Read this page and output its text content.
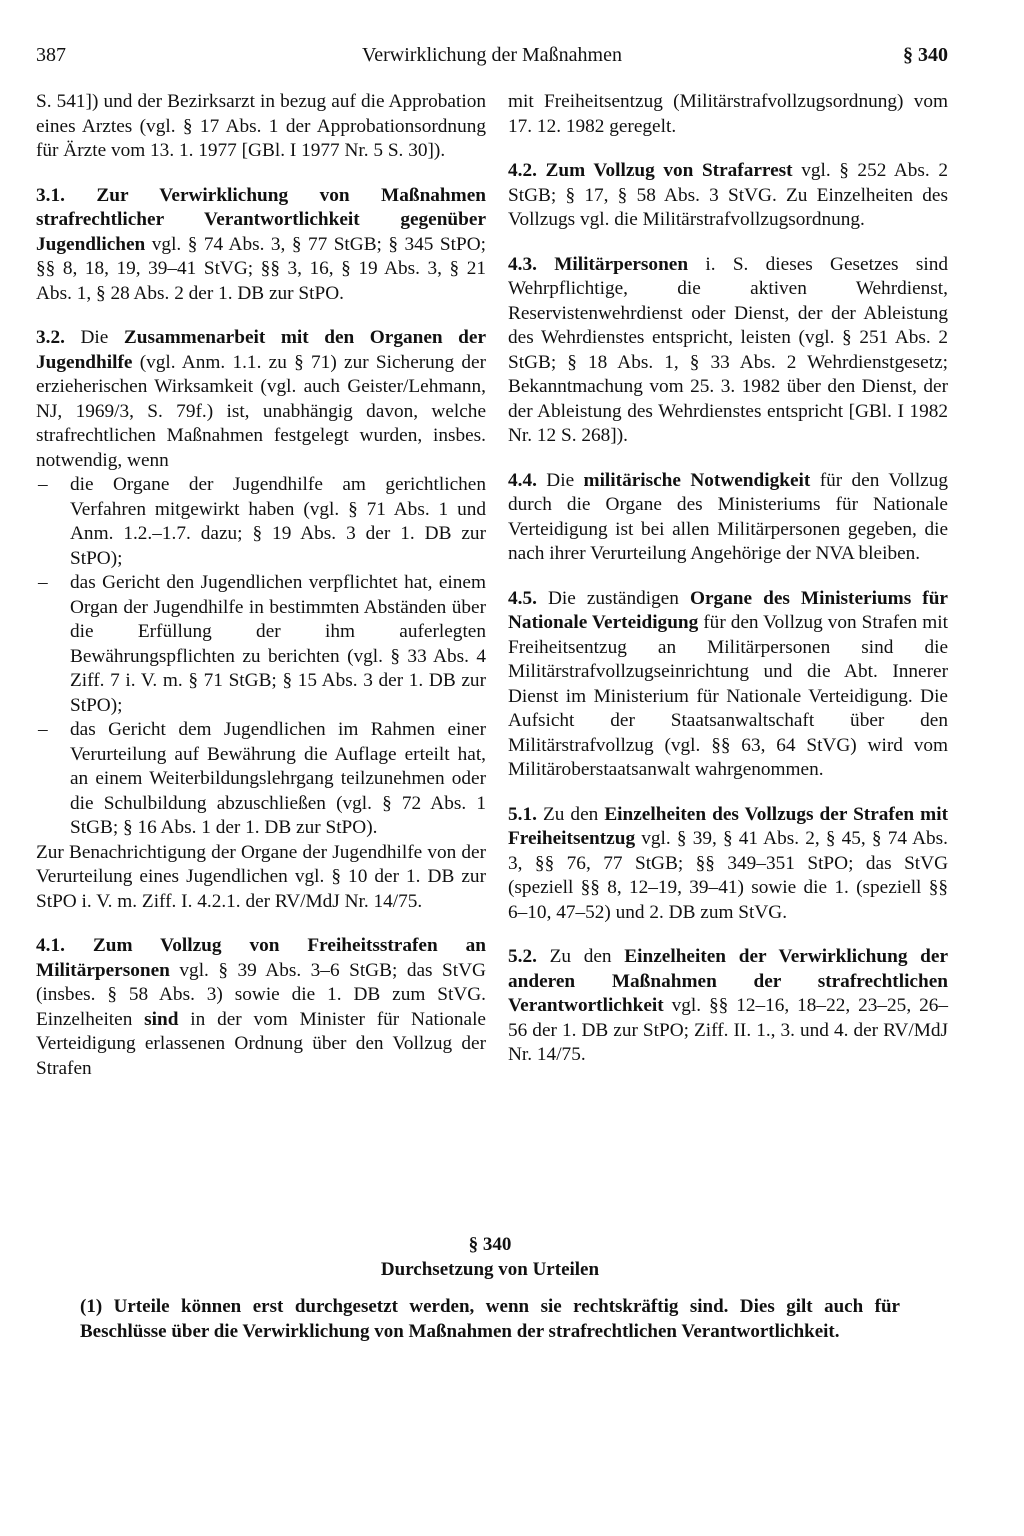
387	Verwirklichung der Maßnahmen	§ 340

S. 541]) und der Bezirksarzt in bezug auf die Approbation eines Arztes (vgl. § 17 Abs. 1 der Approbationsordnung für Ärzte vom 13. 1. 1977 [GBl. I 1977 Nr. 5 S. 30]).

3.1. Zur Verwirklichung von Maßnahmen strafrechtlicher Verantwortlichkeit gegenüber Jugendlichen vgl. § 74 Abs. 3, § 77 StGB; § 345 StPO; §§ 8, 18, 19, 39–41 StVG; §§ 3, 16, § 19 Abs. 3, § 21 Abs. 1, § 28 Abs. 2 der 1. DB zur StPO.

3.2. Die Zusammenarbeit mit den Organen der Jugendhilfe (vgl. Anm. 1.1. zu § 71) zur Sicherung der erzieherischen Wirksamkeit (vgl. auch Geister/Lehmann, NJ, 1969/3, S. 79f.) ist, unabhängig davon, welche strafrechtlichen Maßnahmen festgelegt wurden, insbes. notwendig, wenn

– die Organe der Jugendhilfe am gerichtlichen Verfahren mitgewirkt haben (vgl. § 71 Abs. 1 und Anm. 1.2.–1.7. dazu; § 19 Abs. 3 der 1. DB zur StPO);
– das Gericht den Jugendlichen verpflichtet hat, einem Organ der Jugendhilfe in bestimmten Abständen über die Erfüllung der ihm auferlegten Bewährungspflichten zu berichten (vgl. § 33 Abs. 4 Ziff. 7 i. V. m. § 71 StGB; § 15 Abs. 3 der 1. DB zur StPO);
– das Gericht dem Jugendlichen im Rahmen einer Verurteilung auf Bewährung die Auflage erteilt hat, an einem Weiterbildungslehrgang teilzunehmen oder die Schulbildung abzuschließen (vgl. § 72 Abs. 1 StGB; § 16 Abs. 1 der 1. DB zur StPO).

Zur Benachrichtigung der Organe der Jugendhilfe von der Verurteilung eines Jugendlichen vgl. § 10 der 1. DB zur StPO i. V. m. Ziff. I. 4.2.1. der RV/MdJ Nr. 14/75.

4.1. Zum Vollzug von Freiheitsstrafen an Militärpersonen vgl. § 39 Abs. 3–6 StGB; das StVG (insbes. § 58 Abs. 3) sowie die 1. DB zum StVG. Einzelheiten sind in der vom Minister für Nationale Verteidigung erlassenen Ordnung über den Vollzug der Strafen

mit Freiheitsentzug (Militärstrafvollzugsordnung) vom 17. 12. 1982 geregelt.

4.2. Zum Vollzug von Strafarrest vgl. § 252 Abs. 2 StGB; § 17, § 58 Abs. 3 StVG. Zu Einzelheiten des Vollzugs vgl. die Militärstrafvollzugsordnung.

4.3. Militärpersonen i. S. dieses Gesetzes sind Wehrpflichtige, die aktiven Wehrdienst, Reservistenwehrdienst oder Dienst, der der Ableistung des Wehrdienstes entspricht, leisten (vgl. § 251 Abs. 2 StGB; § 18 Abs. 1, § 33 Abs. 2 Wehrdienstgesetz; Bekanntmachung vom 25. 3. 1982 über den Dienst, der der Ableistung des Wehrdienstes entspricht [GBl. I 1982 Nr. 12 S. 268]).

4.4. Die militärische Notwendigkeit für den Vollzug durch die Organe des Ministeriums für Nationale Verteidigung ist bei allen Militärpersonen gegeben, die nach ihrer Verurteilung Angehörige der NVA bleiben.

4.5. Die zuständigen Organe des Ministeriums für Nationale Verteidigung für den Vollzug von Strafen mit Freiheitsentzug an Militärpersonen sind die Militärstrafvollzugseinrichtung und die Abt. Innerer Dienst im Ministerium für Nationale Verteidigung. Die Aufsicht der Staatsanwaltschaft über den Militärstrafvollzug (vgl. §§ 63, 64 StVG) wird vom Militäroberstaatsanwalt wahrgenommen.

5.1. Zu den Einzelheiten des Vollzugs der Strafen mit Freiheitsentzug vgl. § 39, § 41 Abs. 2, § 45, § 74 Abs. 3, §§ 76, 77 StGB; §§ 349–351 StPO; das StVG (speziell §§ 8, 12–19, 39–41) sowie die 1. (speziell §§ 6–10, 47–52) und 2. DB zum StVG.

5.2. Zu den Einzelheiten der Verwirklichung der anderen Maßnahmen der strafrechtlichen Verantwortlichkeit vgl. §§ 12–16, 18–22, 23–25, 26–56 der 1. DB zur StPO; Ziff. II. 1., 3. und 4. der RV/MdJ Nr. 14/75.

§ 340

Durchsetzung von Urteilen

(1) Urteile können erst durchgesetzt werden, wenn sie rechtskräftig sind. Dies gilt auch für Beschlüsse über die Verwirklichung von Maßnahmen der strafrechtlichen Verantwortlichkeit.
